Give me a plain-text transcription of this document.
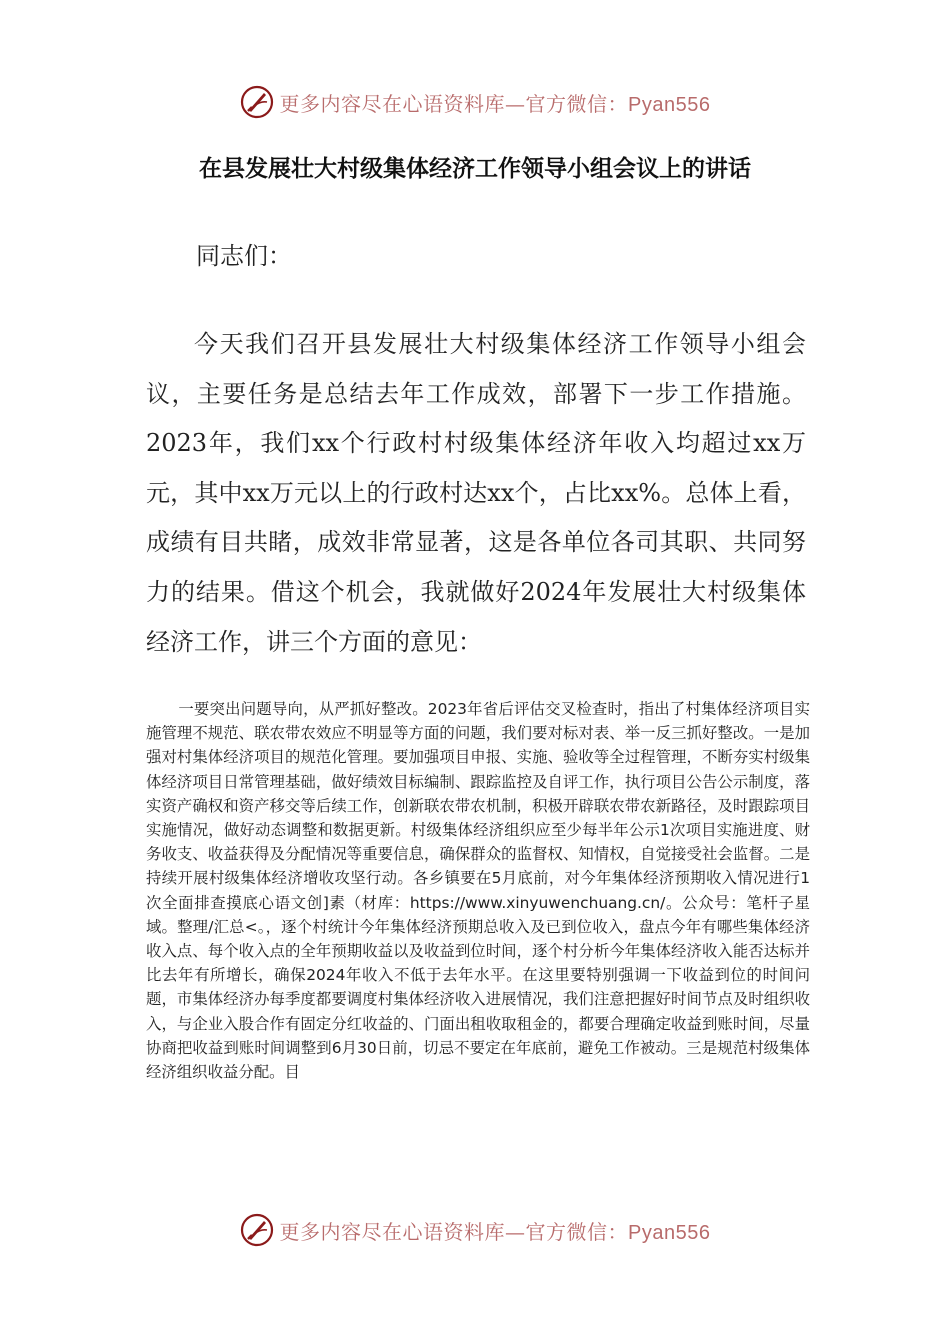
更多内容尽在心语资料库—官方微信：Pyan556
在县发展壮大村级集体经济工作领导小组会议上的讲话
同志们：
今天我们召开县发展壮大村级集体经济工作领导小组会议，主要任务是总结去年工作成效，部署下一步工作措施。2023年，我们xx个行政村村级集体经济年收入均超过xx万元，其中xx万元以上的行政村达xx个，占比xx%。总体上看，成绩有目共睹，成效非常显著，这是各单位各司其职、共同努力的结果。借这个机会，我就做好2024年发展壮大村级集体经济工作，讲三个方面的意见：
一要突出问题导向，从严抓好整改。2023年省后评估交叉检查时，指出了村集体经济项目实施管理不规范、联农带农效应不明显等方面的问题，我们要对标对表、举一反三抓好整改。一是加强对村集体经济项目的规范化管理。要加强项目申报、实施、验收等全过程管理，不断夯实村级集体经济项目日常管理基础，做好绩效目标编制、跟踪监控及自评工作，执行项目公告公示制度，落实资产确权和资产移交等后续工作，创新联农带农机制，积极开辟联农带农新路径，及时跟踪项目实施情况，做好动态调整和数据更新。村级集体经济组织应至少每半年公示1次项目实施进度、财务收支、收益获得及分配情况等重要信息，确保群众的监督权、知情权，自觉接受社会监督。二是持续开展村级集体经济增收攻坚行动。各乡镇要在5月底前，对今年集体经济预期收入情况进行1次全面排查摸底心语文创]素（材库：https://www.xinyuwenchuang.cn/。公众号：笔杆子星域。整理/汇总<。，逐个村统计今年集体经济预期总收入及已到位收入，盘点今年有哪些集体经济收入点、每个收入点的全年预期收益以及收益到位时间，逐个村分析今年集体经济收入能否达标并比去年有所增长，确保2024年收入不低于去年水平。在这里要特别强调一下收益到位的时间问题，市集体经济办每季度都要调度村集体经济收入进展情况，我们注意把握好时间节点及时组织收入，与企业入股合作有固定分红收益的、门面出租收取租金的，都要合理确定收益到账时间，尽量协商把收益到账时间调整到6月30日前，切忌不要定在年底前，避免工作被动。三是规范村级集体经济组织收益分配。目
更多内容尽在心语资料库—官方微信：Pyan556
